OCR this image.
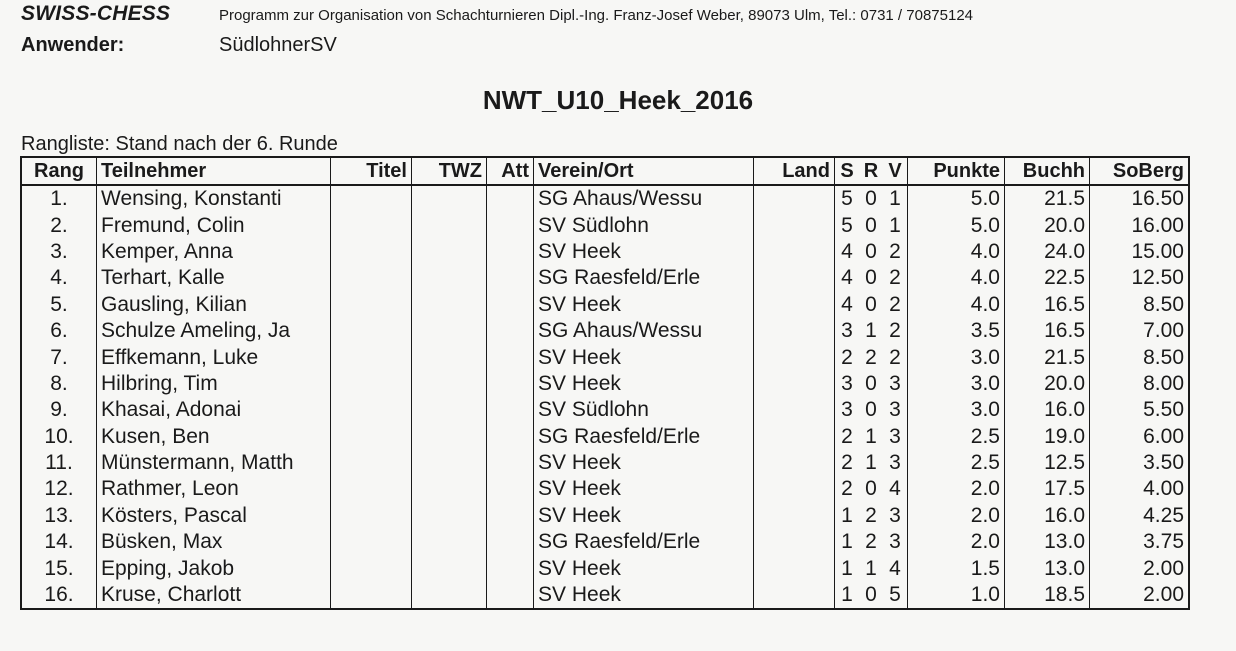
SWISS-CHESS	Programm zur Organisation von Schachturnieren Dipl.-Ing. Franz-Josef Weber, 89073 Ulm, Tel.: 0731 / 70875124
Anwender:	SüdlohnerSV
NWT_U10_Heek_2016
Rangliste: Stand nach der 6. Runde
Rang	Teilnehmer	Titel	TWZ	Att	Verein/Ort	Land	S	R	V	Punkte	Buchh	SoBerg
1.	Wensing, Konstanti				SG Ahaus/Wessu		5	0	1	5.0	21.5	16.50
2.	Fremund, Colin				SV Südlohn		5	0	1	5.0	20.0	16.00
3.	Kemper, Anna				SV Heek		4	0	2	4.0	24.0	15.00
4.	Terhart, Kalle				SG Raesfeld/Erle		4	0	2	4.0	22.5	12.50
5.	Gausling, Kilian				SV Heek		4	0	2	4.0	16.5	8.50
6.	Schulze Ameling, Ja				SG Ahaus/Wessu		3	1	2	3.5	16.5	7.00
7.	Effkemann, Luke				SV Heek		2	2	2	3.0	21.5	8.50
8.	Hilbring, Tim				SV Heek		3	0	3	3.0	20.0	8.00
9.	Khasai, Adonai				SV Südlohn		3	0	3	3.0	16.0	5.50
10.	Kusen, Ben				SG Raesfeld/Erle		2	1	3	2.5	19.0	6.00
11.	Münstermann, Matth				SV Heek		2	1	3	2.5	12.5	3.50
12.	Rathmer, Leon				SV Heek		2	0	4	2.0	17.5	4.00
13.	Kösters, Pascal				SV Heek		1	2	3	2.0	16.0	4.25
14.	Büsken, Max				SG Raesfeld/Erle		1	2	3	2.0	13.0	3.75
15.	Epping, Jakob				SV Heek		1	1	4	1.5	13.0	2.00
16.	Kruse, Charlott				SV Heek		1	0	5	1.0	18.5	2.00
